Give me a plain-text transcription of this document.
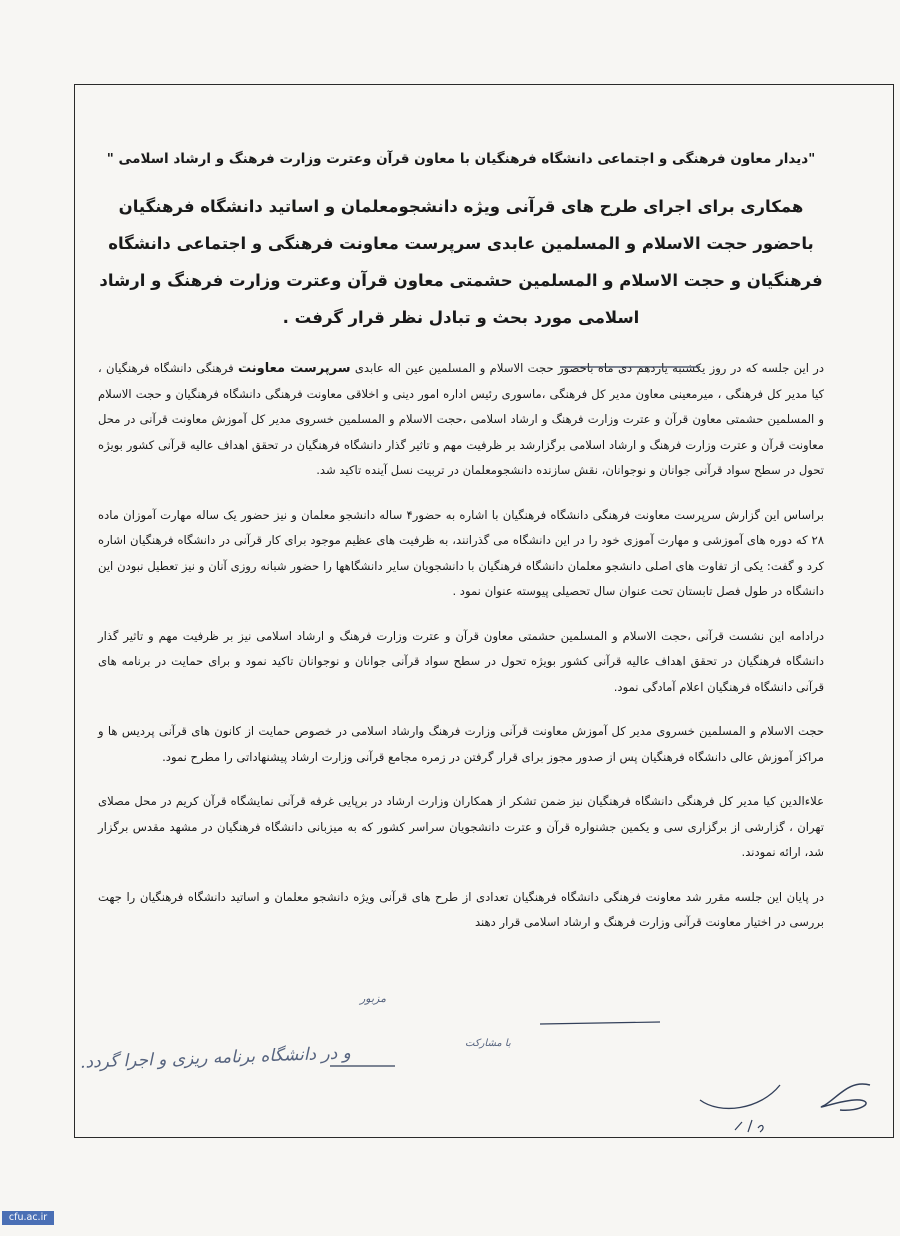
"دیدار معاون فرهنگی و اجتماعی دانشگاه فرهنگیان با معاون قرآن وعترت وزارت فرهنگ و ارشاد اسلامی "
همکاری برای اجرای طرح های قرآنی ویژه دانشجومعلمان و اساتید دانشگاه فرهنگیان باحضور حجت الاسلام و المسلمین عابدی سرپرست معاونت فرهنگی و اجتماعی دانشگاه فرهنگیان و حجت الاسلام و المسلمین حشمتی معاون قرآن وعترت وزارت فرهنگ و ارشاد اسلامی مورد بحث و تبادل نظر قرار گرفت .

در این جلسه که در روز یکشنبه یازدهم دی ماه باحضور حجت الاسلام و المسلمین عین اله عابدی سرپرست معاونت فرهنگی دانشگاه فرهنگیان ، کیا مدیر کل فرهنگی ، میرمعینی معاون مدیر کل فرهنگی ،ماسوری رئیس اداره امور دینی و اخلاقی معاونت فرهنگی دانشگاه فرهنگیان و حجت الاسلام و المسلمین حشمتی معاون قرآن و عترت وزارت فرهنگ و ارشاد اسلامی ،حجت الاسلام و المسلمین خسروی مدیر کل آموزش معاونت قرآنی در محل معاونت قرآن و عترت وزارت فرهنگ و ارشاد اسلامی برگزارشد بر ظرفیت مهم و تاثیر گذار دانشگاه فرهنگیان در تحقق اهداف عالیه قرآنی کشور بویژه تحول در سطح سواد قرآنی جوانان و نوجوانان، نقش سازنده دانشجومعلمان در تربیت نسل آینده تاکید شد.

براساس این گزارش سرپرست معاونت فرهنگی دانشگاه فرهنگیان با اشاره به حضور۴ ساله دانشجو معلمان و نیز حضور یک ساله مهارت آموزان ماده ۲۸ که دوره های آموزشی و مهارت آموزی خود را در این دانشگاه می گذرانند، به ظرفیت های عظیم موجود برای کار قرآنی در دانشگاه فرهنگیان اشاره کرد و گفت: یکی از تفاوت های اصلی دانشجو معلمان دانشگاه فرهنگیان با دانشجویان سایر دانشگاهها را حضور شبانه روزی آنان و نیز تعطیل نبودن این دانشگاه در طول فصل تابستان تحت عنوان سال تحصیلی پیوسته عنوان نمود .

درادامه این نشست قرآنی ،حجت الاسلام و المسلمین حشمتی معاون قرآن و عترت وزارت فرهنگ و ارشاد اسلامی نیز بر ظرفیت مهم و تاثیر گذار دانشگاه فرهنگیان در تحقق اهداف عالیه قرآنی کشور بویژه تحول در سطح سواد قرآنی جوانان و نوجوانان تاکید نمود و برای حمایت در برنامه های قرآنی دانشگاه فرهنگیان اعلام آمادگی نمود.

حجت الاسلام و المسلمین خسروی مدیر کل آموزش معاونت قرآنی وزارت فرهنگ وارشاد اسلامی در خصوص حمایت از کانون های قرآنی پردیس ها و مراکز آموزش عالی دانشگاه فرهنگیان پس از صدور مجوز برای قرار گرفتن در زمره مجامع قرآنی وزارت ارشاد پیشنهاداتی را مطرح نمود.

علاءالدین کیا مدیر کل فرهنگی دانشگاه فرهنگیان نیز ضمن تشکر از همکاران وزارت ارشاد در برپایی غرفه قرآنی نمایشگاه قرآن کریم در محل مصلای تهران ، گزارشی از برگزاری سی و یکمین جشنواره قرآن و عترت دانشجویان سراسر کشور که به میزبانی دانشگاه فرهنگیان در مشهد مقدس برگزار شد، ارائه نمودند.

در پایان این جلسه مقرر شد معاونت فرهنگی دانشگاه فرهنگیان تعدادی از طرح های قرآنی ویژه دانشجو معلمان و اساتید دانشگاه فرهنگیان را جهت بررسی در اختیار معاونت قرآنی وزارت فرهنگ و ارشاد اسلامی قرار دهند

و در دانشگاه برنامه ریزی و اجرا گردد.
مزبور
با مشارکت
cfu.ac.ir
